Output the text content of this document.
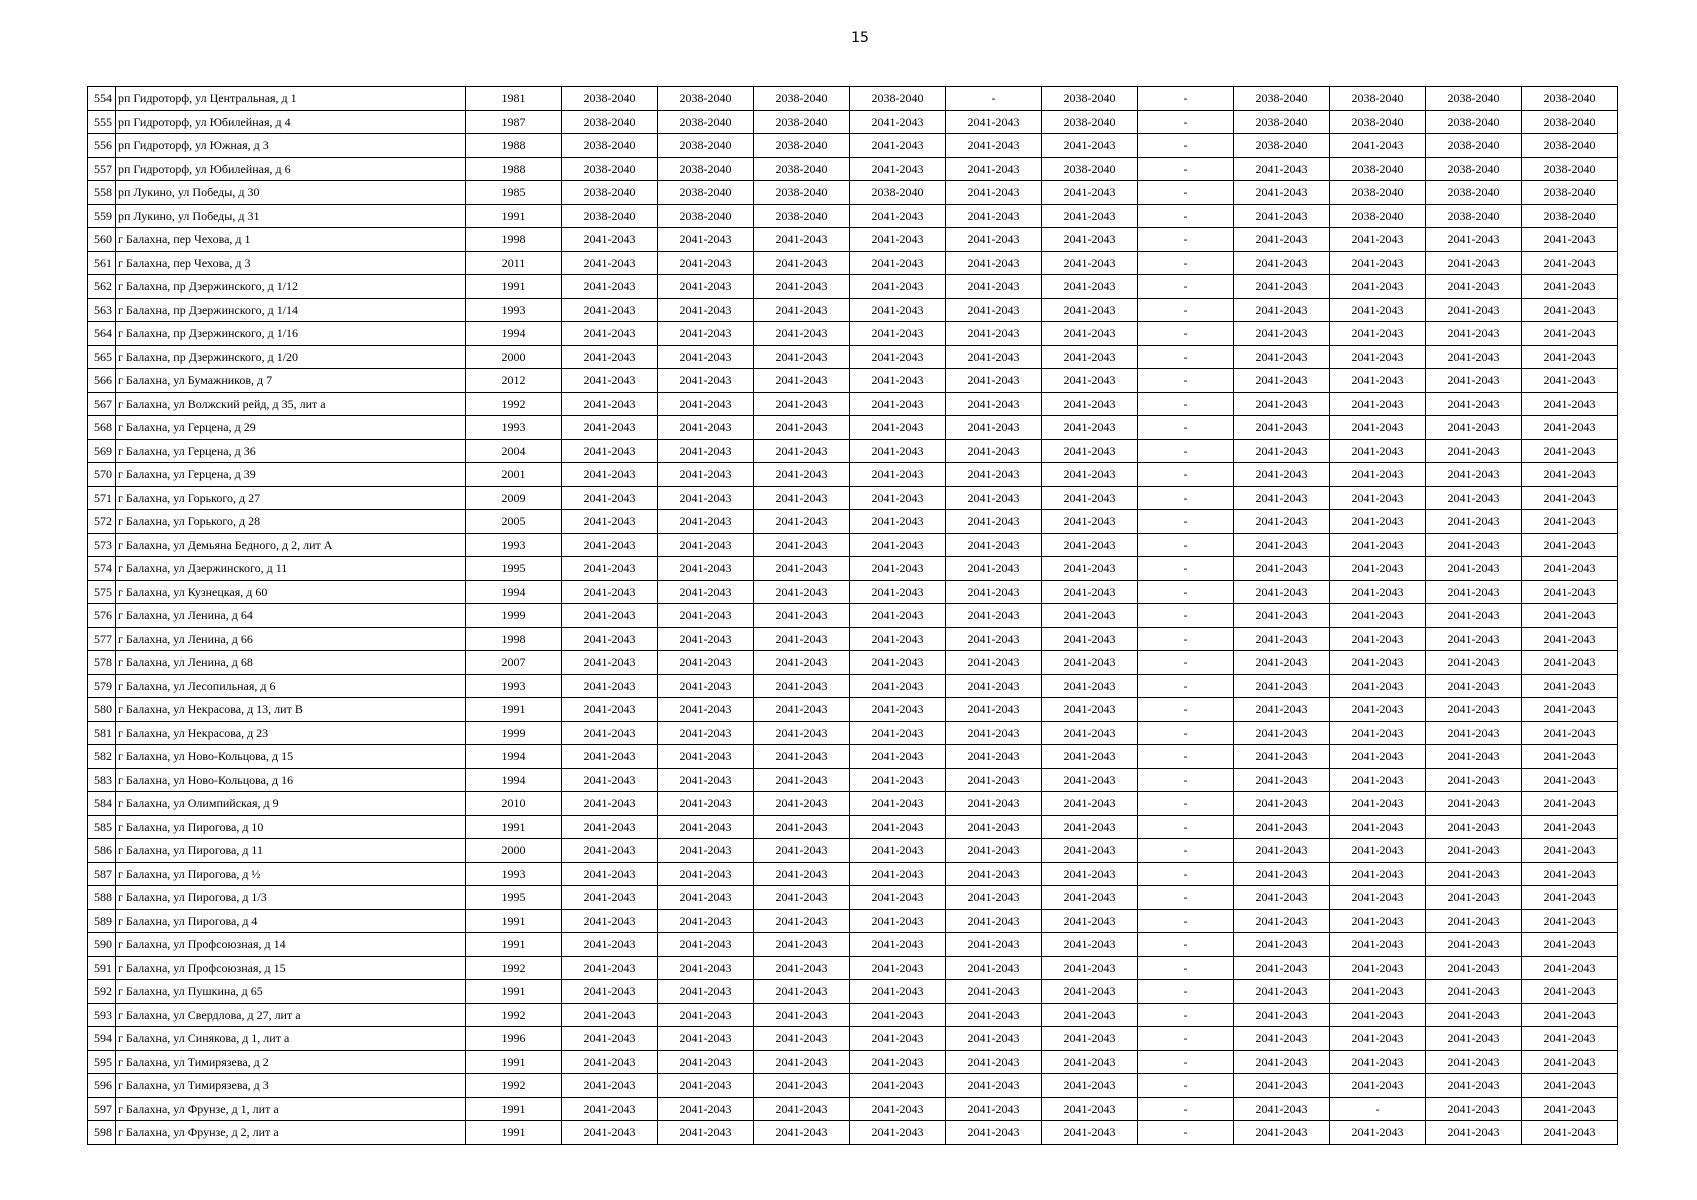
15
554	рп Гидроторф, ул Центральная, д 1	1981	2038-2040	2038-2040	2038-2040	2038-2040	-	2038-2040	-	2038-2040	2038-2040	2038-2040	2038-2040
555	рп Гидроторф, ул Юбилейная, д 4	1987	2038-2040	2038-2040	2038-2040	2041-2043	2041-2043	2038-2040	-	2038-2040	2038-2040	2038-2040	2038-2040
556	рп Гидроторф, ул Южная, д 3	1988	2038-2040	2038-2040	2038-2040	2041-2043	2041-2043	2041-2043	-	2038-2040	2041-2043	2038-2040	2038-2040
557	рп Гидроторф, ул Юбилейная, д 6	1988	2038-2040	2038-2040	2038-2040	2041-2043	2041-2043	2038-2040	-	2041-2043	2038-2040	2038-2040	2038-2040
558	рп Лукино, ул Победы, д 30	1985	2038-2040	2038-2040	2038-2040	2038-2040	2041-2043	2041-2043	-	2041-2043	2038-2040	2038-2040	2038-2040
559	рп Лукино, ул Победы, д 31	1991	2038-2040	2038-2040	2038-2040	2041-2043	2041-2043	2041-2043	-	2041-2043	2038-2040	2038-2040	2038-2040
560	г Балахна, пер Чехова, д 1	1998	2041-2043	2041-2043	2041-2043	2041-2043	2041-2043	2041-2043	-	2041-2043	2041-2043	2041-2043	2041-2043
561	г Балахна, пер Чехова, д 3	2011	2041-2043	2041-2043	2041-2043	2041-2043	2041-2043	2041-2043	-	2041-2043	2041-2043	2041-2043	2041-2043
562	г Балахна, пр Дзержинского, д 1/12	1991	2041-2043	2041-2043	2041-2043	2041-2043	2041-2043	2041-2043	-	2041-2043	2041-2043	2041-2043	2041-2043
563	г Балахна, пр Дзержинского, д 1/14	1993	2041-2043	2041-2043	2041-2043	2041-2043	2041-2043	2041-2043	-	2041-2043	2041-2043	2041-2043	2041-2043
564	г Балахна, пр Дзержинского, д 1/16	1994	2041-2043	2041-2043	2041-2043	2041-2043	2041-2043	2041-2043	-	2041-2043	2041-2043	2041-2043	2041-2043
565	г Балахна, пр Дзержинского, д 1/20	2000	2041-2043	2041-2043	2041-2043	2041-2043	2041-2043	2041-2043	-	2041-2043	2041-2043	2041-2043	2041-2043
566	г Балахна, ул Бумажников, д 7	2012	2041-2043	2041-2043	2041-2043	2041-2043	2041-2043	2041-2043	-	2041-2043	2041-2043	2041-2043	2041-2043
567	г Балахна, ул Волжский рейд, д 35, лит а	1992	2041-2043	2041-2043	2041-2043	2041-2043	2041-2043	2041-2043	-	2041-2043	2041-2043	2041-2043	2041-2043
568	г Балахна, ул Герцена, д 29	1993	2041-2043	2041-2043	2041-2043	2041-2043	2041-2043	2041-2043	-	2041-2043	2041-2043	2041-2043	2041-2043
569	г Балахна, ул Герцена, д 36	2004	2041-2043	2041-2043	2041-2043	2041-2043	2041-2043	2041-2043	-	2041-2043	2041-2043	2041-2043	2041-2043
570	г Балахна, ул Герцена, д 39	2001	2041-2043	2041-2043	2041-2043	2041-2043	2041-2043	2041-2043	-	2041-2043	2041-2043	2041-2043	2041-2043
571	г Балахна, ул Горького, д 27	2009	2041-2043	2041-2043	2041-2043	2041-2043	2041-2043	2041-2043	-	2041-2043	2041-2043	2041-2043	2041-2043
572	г Балахна, ул Горького, д 28	2005	2041-2043	2041-2043	2041-2043	2041-2043	2041-2043	2041-2043	-	2041-2043	2041-2043	2041-2043	2041-2043
573	г Балахна, ул Демьяна Бедного, д 2, лит А	1993	2041-2043	2041-2043	2041-2043	2041-2043	2041-2043	2041-2043	-	2041-2043	2041-2043	2041-2043	2041-2043
574	г Балахна, ул Дзержинского, д 11	1995	2041-2043	2041-2043	2041-2043	2041-2043	2041-2043	2041-2043	-	2041-2043	2041-2043	2041-2043	2041-2043
575	г Балахна, ул Кузнецкая, д 60	1994	2041-2043	2041-2043	2041-2043	2041-2043	2041-2043	2041-2043	-	2041-2043	2041-2043	2041-2043	2041-2043
576	г Балахна, ул Ленина, д 64	1999	2041-2043	2041-2043	2041-2043	2041-2043	2041-2043	2041-2043	-	2041-2043	2041-2043	2041-2043	2041-2043
577	г Балахна, ул Ленина, д 66	1998	2041-2043	2041-2043	2041-2043	2041-2043	2041-2043	2041-2043	-	2041-2043	2041-2043	2041-2043	2041-2043
578	г Балахна, ул Ленина, д 68	2007	2041-2043	2041-2043	2041-2043	2041-2043	2041-2043	2041-2043	-	2041-2043	2041-2043	2041-2043	2041-2043
579	г Балахна, ул Лесопильная, д 6	1993	2041-2043	2041-2043	2041-2043	2041-2043	2041-2043	2041-2043	-	2041-2043	2041-2043	2041-2043	2041-2043
580	г Балахна, ул Некрасова, д 13, лит В	1991	2041-2043	2041-2043	2041-2043	2041-2043	2041-2043	2041-2043	-	2041-2043	2041-2043	2041-2043	2041-2043
581	г Балахна, ул Некрасова, д 23	1999	2041-2043	2041-2043	2041-2043	2041-2043	2041-2043	2041-2043	-	2041-2043	2041-2043	2041-2043	2041-2043
582	г Балахна, ул Ново-Кольцова, д 15	1994	2041-2043	2041-2043	2041-2043	2041-2043	2041-2043	2041-2043	-	2041-2043	2041-2043	2041-2043	2041-2043
583	г Балахна, ул Ново-Кольцова, д 16	1994	2041-2043	2041-2043	2041-2043	2041-2043	2041-2043	2041-2043	-	2041-2043	2041-2043	2041-2043	2041-2043
584	г Балахна, ул Олимпийская, д 9	2010	2041-2043	2041-2043	2041-2043	2041-2043	2041-2043	2041-2043	-	2041-2043	2041-2043	2041-2043	2041-2043
585	г Балахна, ул Пирогова, д 10	1991	2041-2043	2041-2043	2041-2043	2041-2043	2041-2043	2041-2043	-	2041-2043	2041-2043	2041-2043	2041-2043
586	г Балахна, ул Пирогова, д 11	2000	2041-2043	2041-2043	2041-2043	2041-2043	2041-2043	2041-2043	-	2041-2043	2041-2043	2041-2043	2041-2043
587	г Балахна, ул Пирогова, д ½	1993	2041-2043	2041-2043	2041-2043	2041-2043	2041-2043	2041-2043	-	2041-2043	2041-2043	2041-2043	2041-2043
588	г Балахна, ул Пирогова, д 1/3	1995	2041-2043	2041-2043	2041-2043	2041-2043	2041-2043	2041-2043	-	2041-2043	2041-2043	2041-2043	2041-2043
589	г Балахна, ул Пирогова, д 4	1991	2041-2043	2041-2043	2041-2043	2041-2043	2041-2043	2041-2043	-	2041-2043	2041-2043	2041-2043	2041-2043
590	г Балахна, ул Профсоюзная, д 14	1991	2041-2043	2041-2043	2041-2043	2041-2043	2041-2043	2041-2043	-	2041-2043	2041-2043	2041-2043	2041-2043
591	г Балахна, ул Профсоюзная, д 15	1992	2041-2043	2041-2043	2041-2043	2041-2043	2041-2043	2041-2043	-	2041-2043	2041-2043	2041-2043	2041-2043
592	г Балахна, ул Пушкина, д 65	1991	2041-2043	2041-2043	2041-2043	2041-2043	2041-2043	2041-2043	-	2041-2043	2041-2043	2041-2043	2041-2043
593	г Балахна, ул Свердлова, д 27, лит а	1992	2041-2043	2041-2043	2041-2043	2041-2043	2041-2043	2041-2043	-	2041-2043	2041-2043	2041-2043	2041-2043
594	г Балахна, ул Синякова, д 1, лит а	1996	2041-2043	2041-2043	2041-2043	2041-2043	2041-2043	2041-2043	-	2041-2043	2041-2043	2041-2043	2041-2043
595	г Балахна, ул Тимирязева, д 2	1991	2041-2043	2041-2043	2041-2043	2041-2043	2041-2043	2041-2043	-	2041-2043	2041-2043	2041-2043	2041-2043
596	г Балахна, ул Тимирязева, д 3	1992	2041-2043	2041-2043	2041-2043	2041-2043	2041-2043	2041-2043	-	2041-2043	2041-2043	2041-2043	2041-2043
597	г Балахна, ул Фрунзе, д 1, лит а	1991	2041-2043	2041-2043	2041-2043	2041-2043	2041-2043	2041-2043	-	2041-2043	-	2041-2043	2041-2043
598	г Балахна, ул Фрунзе, д 2, лит а	1991	2041-2043	2041-2043	2041-2043	2041-2043	2041-2043	2041-2043	-	2041-2043	2041-2043	2041-2043	2041-2043
